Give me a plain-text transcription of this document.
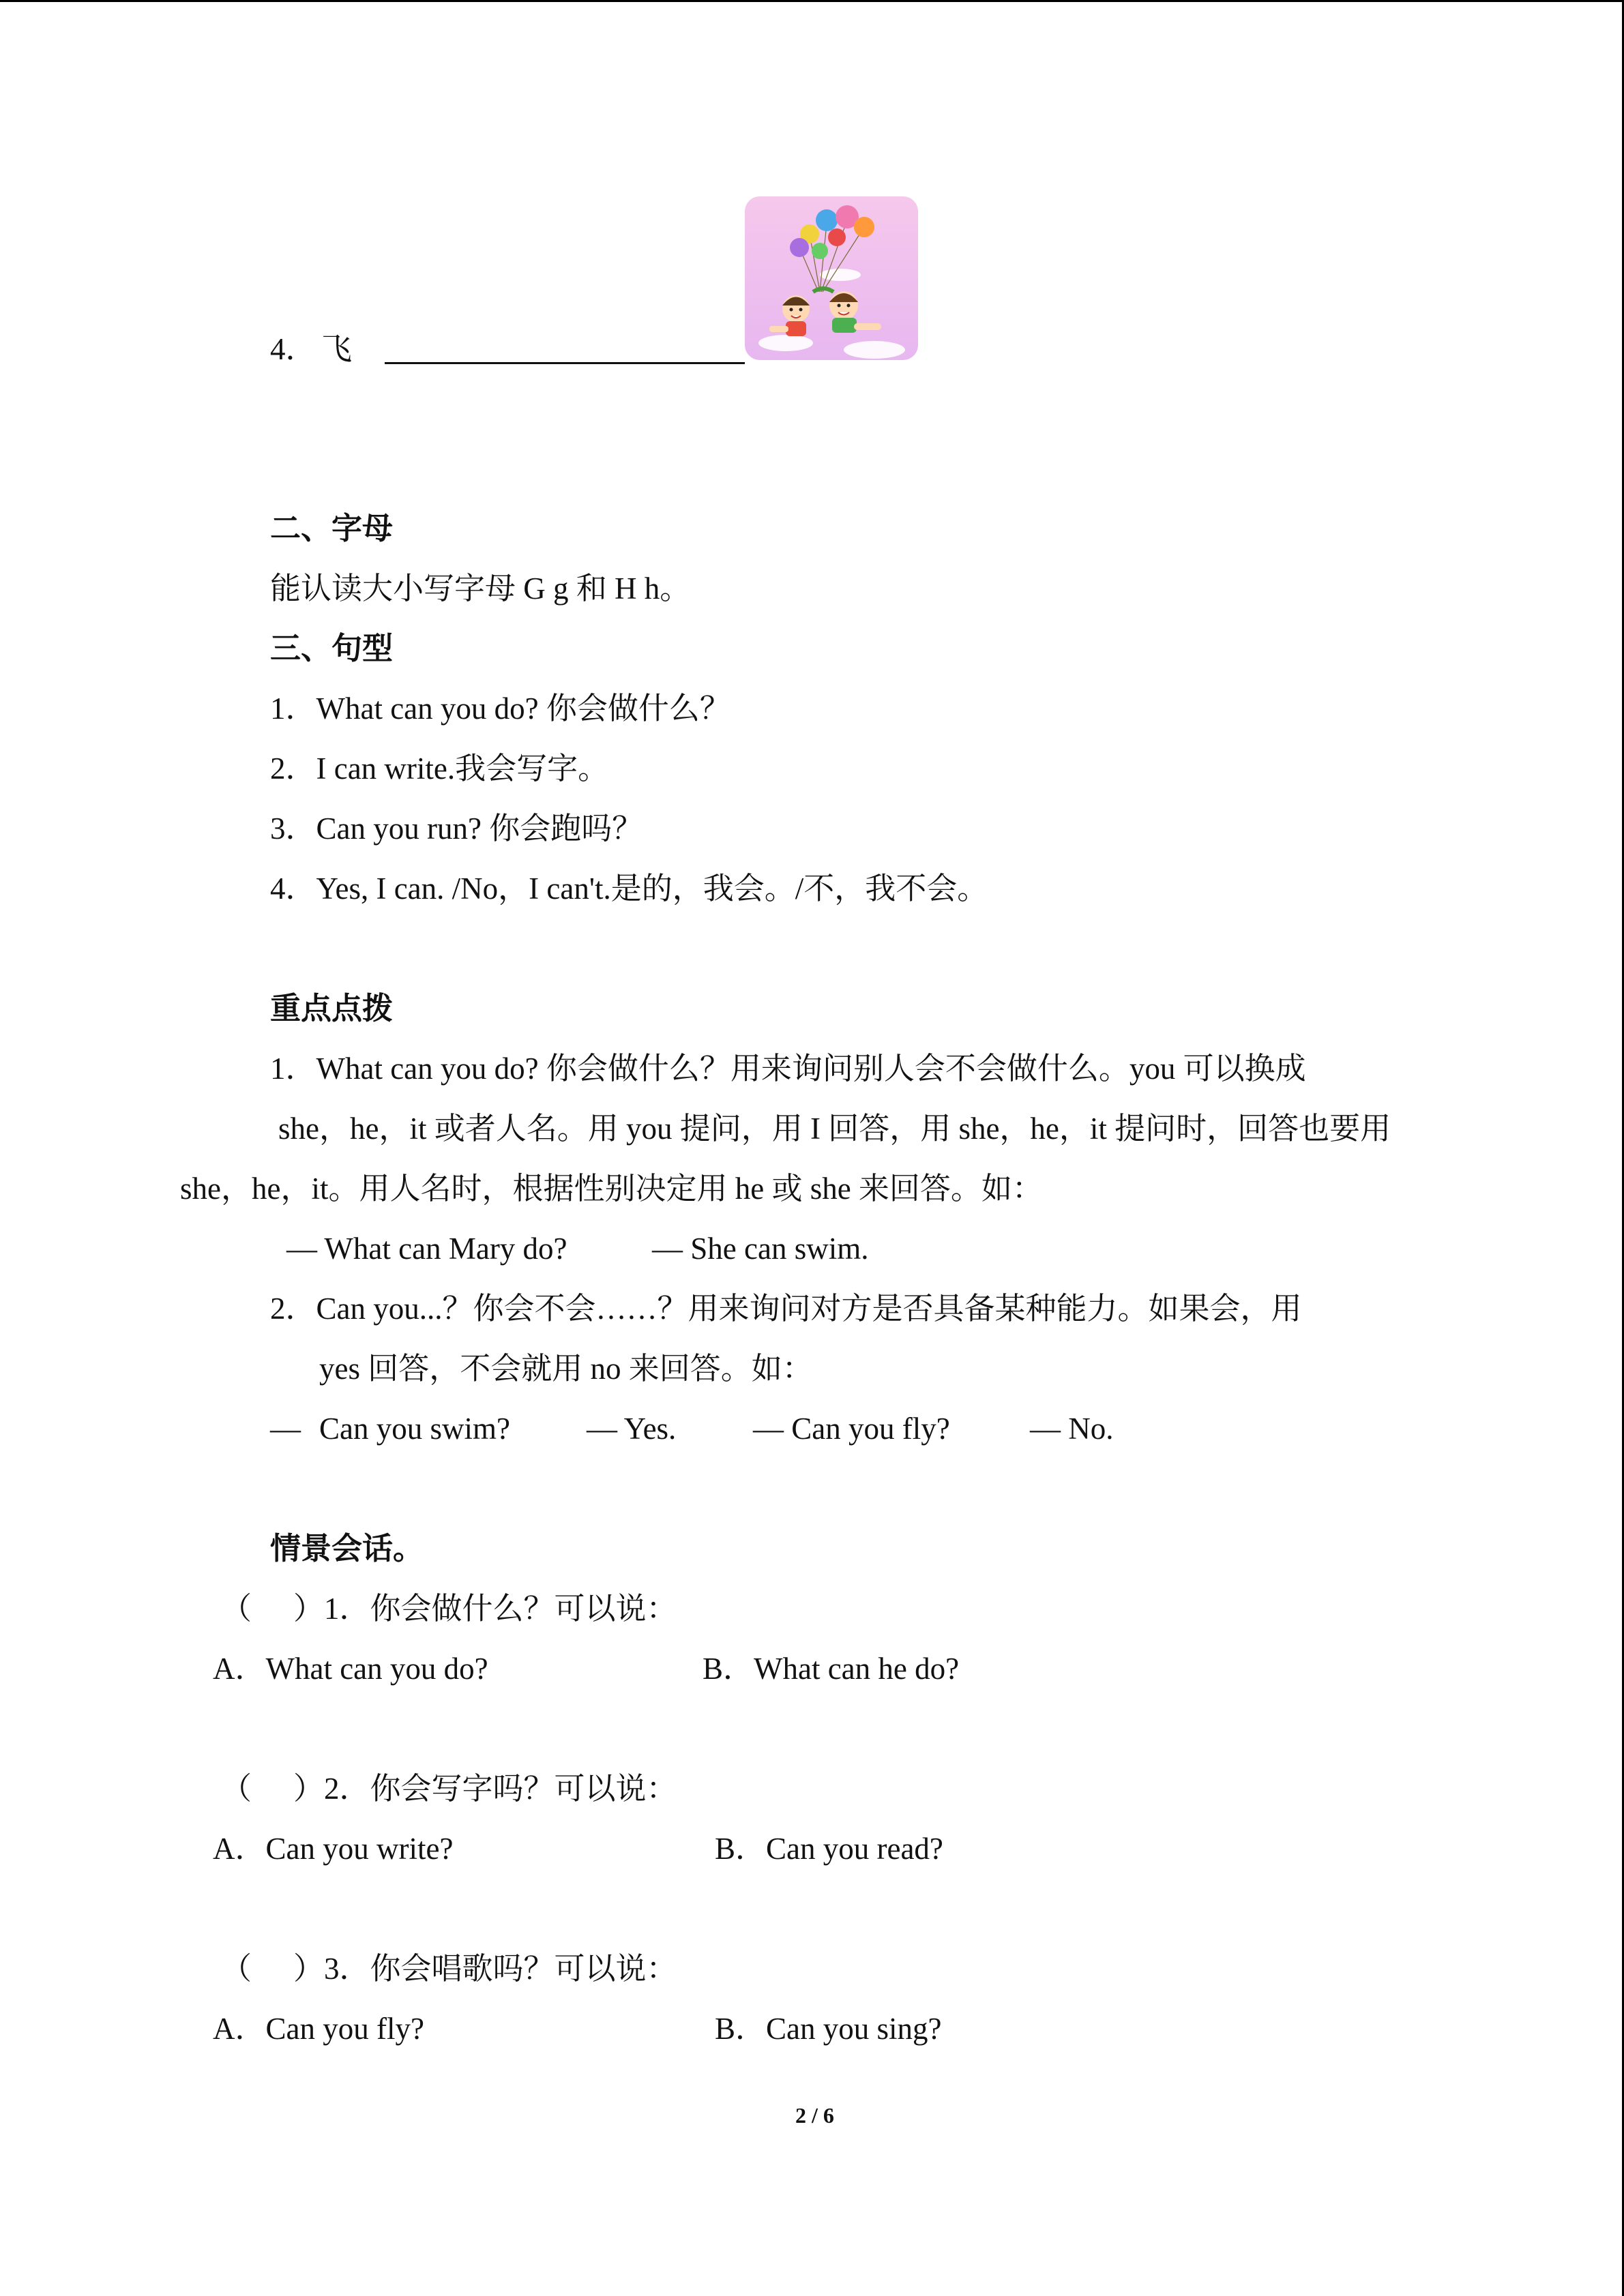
4． 飞
二、字母
能认读大小写字母 G g 和 H h。
三、句型
1．What can you do? 你会做什么？
2．I can write.我会写字。
3．Can you run? 你会跑吗？
4．Yes, I can. /No，I can't.是的，我会。/不，我不会。
重点点拨
1．What can you do? 你会做什么？用来询问别人会不会做什么。you 可以换成
she，he，it 或者人名。用 you 提问，用 I 回答，用 she，he，it 提问时，回答也要用
she，he，it。用人名时，根据性别决定用 he 或 she 来回答。如：
— What can Mary do?	— She can swim.
2．Can you...？你会不会……？用来询问对方是否具备某种能力。如果会，用
yes 回答，不会就用 no 来回答。如：
— Can you swim? — Yes.	— Can you fly?	— No.
情景会话。
（ ）1．你会做什么？可以说：
A．What can you do?	B．What can he do?
（ ）2．你会写字吗？可以说：
A．Can you write?	B．Can you read?
（ ）3．你会唱歌吗？可以说：
A．Can you fly?	B．Can you sing?
2 / 6
